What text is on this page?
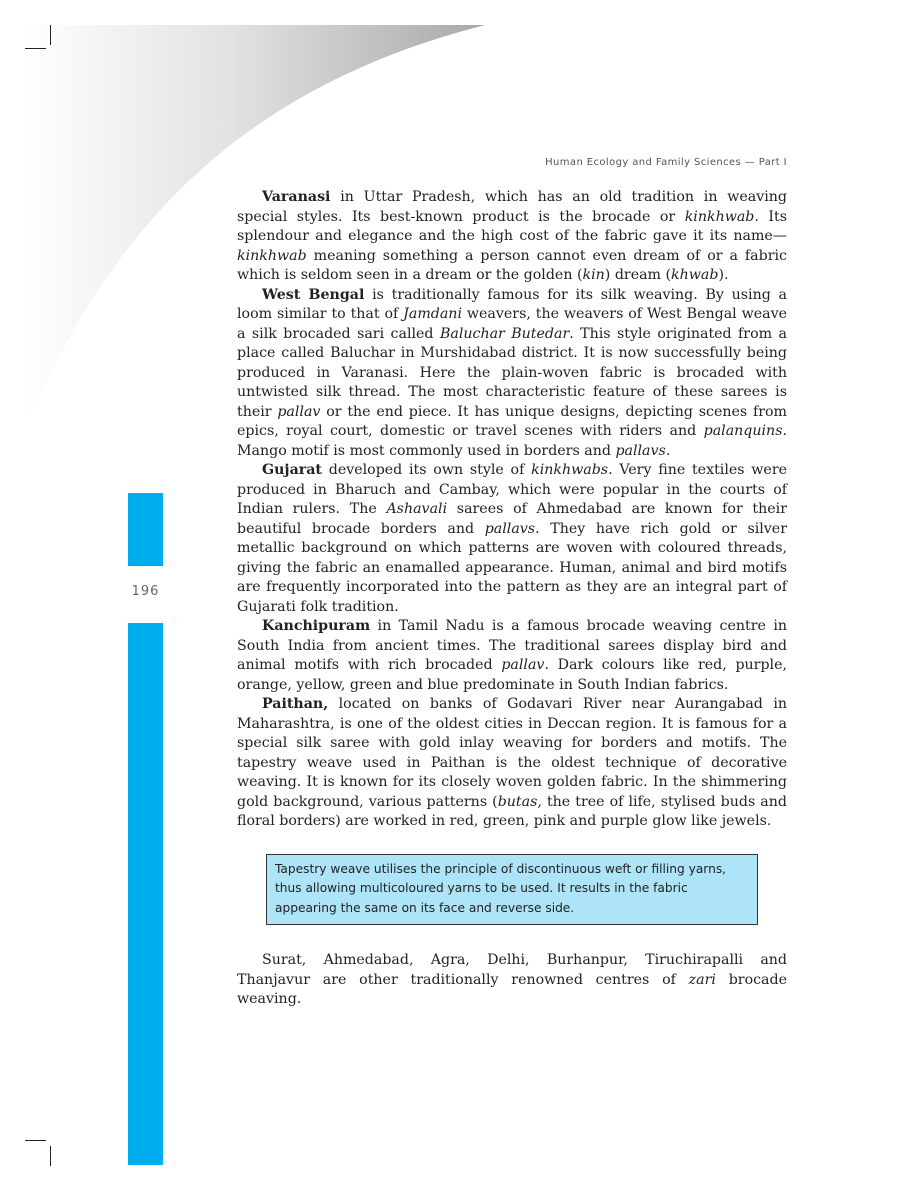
Human Ecology and Family Sciences — Part I
196

Varanasi in Uttar Pradesh, which has an old tradition in weaving special styles. Its best-known product is the brocade or kinkhwab. Its splendour and elegance and the high cost of the fabric gave it its name—kinkhwab meaning something a person cannot even dream of or a fabric which is seldom seen in a dream or the golden (kin) dream (khwab).

West Bengal is traditionally famous for its silk weaving. By using a loom similar to that of Jamdani weavers, the weavers of West Bengal weave a silk brocaded sari called Baluchar Butedar. This style originated from a place called Baluchar in Murshidabad district. It is now successfully being produced in Varanasi. Here the plain-woven fabric is brocaded with untwisted silk thread. The most characteristic feature of these sarees is their pallav or the end piece. It has unique designs, depicting scenes from epics, royal court, domestic or travel scenes with riders and palanquins. Mango motif is most commonly used in borders and pallavs.

Gujarat developed its own style of kinkhwabs. Very fine textiles were produced in Bharuch and Cambay, which were popular in the courts of Indian rulers. The Ashavali sarees of Ahmedabad are known for their beautiful brocade borders and pallavs. They have rich gold or silver metallic background on which patterns are woven with coloured threads, giving the fabric an enamalled appearance. Human, animal and bird motifs are frequently incorporated into the pattern as they are an integral part of Gujarati folk tradition.

Kanchipuram in Tamil Nadu is a famous brocade weaving centre in South India from ancient times. The traditional sarees display bird and animal motifs with rich brocaded pallav. Dark colours like red, purple, orange, yellow, green and blue predominate in South Indian fabrics.

Paithan, located on banks of Godavari River near Aurangabad in Maharashtra, is one of the oldest cities in Deccan region. It is famous for a special silk saree with gold inlay weaving for borders and motifs. The tapestry weave used in Paithan is the oldest technique of decorative weaving. It is known for its closely woven golden fabric. In the shimmering gold background, various patterns (butas, the tree of life, stylised buds and floral borders) are worked in red, green, pink and purple glow like jewels.

Tapestry weave utilises the principle of discontinuous weft or filling yarns, thus allowing multicoloured yarns to be used. It results in the fabric appearing the same on its face and reverse side.

Surat, Ahmedabad, Agra, Delhi, Burhanpur, Tiruchirapalli and Thanjavur are other traditionally renowned centres of zari brocade weaving.
